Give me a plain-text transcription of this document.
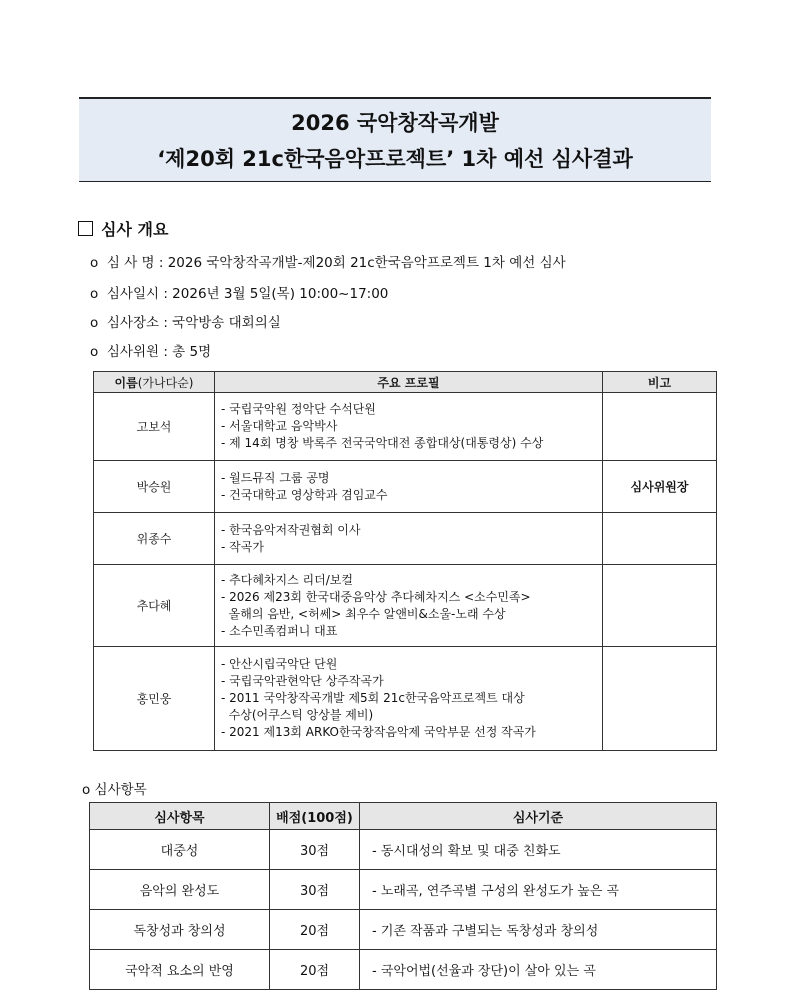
2026 국악창작곡개발
‘제20회 21c한국음악프로젝트’ 1차 예선 심사결과
심사 개요
o 심 사 명 : 2026 국악창작곡개발-제20회 21c한국음악프로젝트 1차 예선 심사
o 심사일시 : 2026년 3월 5일(목) 10:00~17:00
o 심사장소 : 국악방송 대회의실
o 심사위원 : 총 5명
이름(가나다순)	주요 프로필	비고
고보석	- 국립국악원 정악단 수석단원
- 서울대학교 음악박사
- 제 14회 명창 박록주 전국국악대전 종합대상(대통령상) 수상	

박승원	- 월드뮤직 그룹 공명
- 건국대학교 영상학과 겸임교수	심사위원장
위종수	- 한국음악저작권협회 이사
- 작곡가	

추다혜	- 추다혜차지스 리더/보컬
- 2026 제23회 한국대중음악상 추다혜차지스 <소수민족>
올해의 음반, <허쎄> 최우수 알앤비&소울-노래 수상
- 소수민족컴퍼니 대표	

홍민웅	- 안산시립국악단 단원
- 국립국악관현악단 상주작곡가
- 2011 국악창작곡개발 제5회 21c한국음악프로젝트 대상
수상(어쿠스틱 앙상블 제비)
- 2021 제13회 ARKO한국창작음악제 국악부문 선정 작곡가	

o 심사항목
심사항목	배점(100점)	심사기준
대중성	30점	- 동시대성의 확보 및 대중 친화도
음악의 완성도	30점	- 노래곡, 연주곡별 구성의 완성도가 높은 곡
독창성과 창의성	20점	- 기존 작품과 구별되는 독창성과 창의성
국악적 요소의 반영	20점	- 국악어법(선율과 장단)이 살아 있는 곡
